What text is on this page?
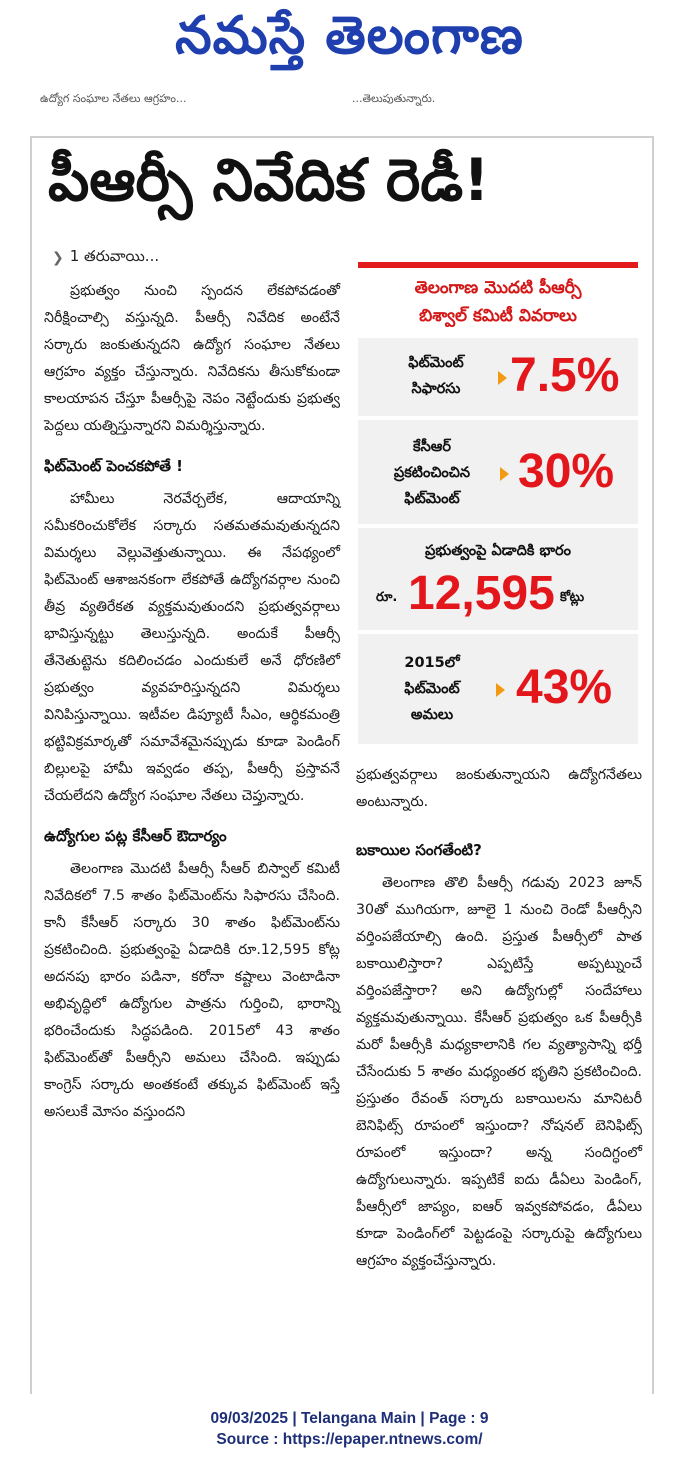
నమస్తే తెలంగాణ
ఉద్యోగ సంఘాల నేతలు ఆగ్రహం...	...తెలుపుతున్నారు.
పీఆర్సీ నివేదిక రెడీ!
❯ 1 తరువాయి...

ప్రభుత్వం నుంచి స్పందన లేకపోవడంతో నిరీక్షించాల్సి వస్తున్నది. పీఆర్సీ నివేదిక అంటేనే సర్కారు జంకుతున్నదని ఉద్యోగ సంఘాల నేతలు ఆగ్రహం వ్యక్తం చేస్తున్నారు. నివేదికను తీసుకోకుండా కాలయాపన చేస్తూ పీఆర్సీపై నెపం నెట్టేందుకు ప్రభుత్వ పెద్దలు యత్నిస్తున్నారని విమర్శిస్తున్నారు.

ఫిట్‌మెంట్ పెంచకపోతే !

హామీలు నెరవేర్చలేక, ఆదాయాన్ని సమీకరించుకోలేక సర్కారు సతమతమవుతున్నదని విమర్శలు వెల్లువెత్తుతున్నాయి. ఈ నేపథ్యంలో ఫిట్‌మెంట్ ఆశాజనకంగా లేకపోతే ఉద్యోగవర్గాల నుంచి తీవ్ర వ్యతిరేకత వ్యక్తమవుతుందని ప్రభుత్వవర్గాలు భావిస్తున్నట్టు తెలుస్తున్నది. అందుకే పీఆర్సీ తేనెతుట్టెను కదిలించడం ఎందుకులే అనే ధోరణిలో ప్రభుత్వం వ్యవహరిస్తున్నదని విమర్శలు వినిపిస్తున్నాయి. ఇటీవల డిప్యూటీ సీఎం, ఆర్థికమంత్రి భట్టివిక్రమార్కతో సమావేశమైనప్పుడు కూడా పెండింగ్ బిల్లులపై హామీ ఇవ్వడం తప్ప, పీఆర్సీ ప్రస్తావనే చేయలేదని ఉద్యోగ సంఘాల నేతలు చెప్తున్నారు.

ఉద్యోగుల పట్ల కేసీఆర్ ఔదార్యం

తెలంగాణ మొదటి పీఆర్సీ సీఆర్ బిస్వాల్ కమిటీ నివేదికలో 7.5 శాతం ఫిట్‌మెంట్‌ను సిఫారసు చేసింది. కానీ కేసీఆర్ సర్కారు 30 శాతం ఫిట్‌మెంట్‌ను ప్రకటించింది. ప్రభుత్వంపై ఏడాదికి రూ.12,595 కోట్ల అదనపు భారం పడినా, కరోనా కష్టాలు వెంటాడినా అభివృద్ధిలో ఉద్యోగుల పాత్రను గుర్తించి, భారాన్ని భరించేందుకు సిద్ధపడింది. 2015లో 43 శాతం ఫిట్‌మెంట్‌తో పీఆర్సీని అమలు చేసింది. ఇప్పుడు కాంగ్రెస్ సర్కారు అంతకంటే తక్కువ ఫిట్‌మెంట్ ఇస్తే అసలుకే మోసం వస్తుందని

తెలంగాణ మొదటి పీఆర్సీ
బిశ్వాల్ కమిటీ వివరాలు
ఫిట్‌మెంట్
సిఫారసు	7.5%
కేసీఆర్
ప్రకటించించిన
ఫిట్‌మెంట్
30%
ప్రభుత్వంపై ఏడాదికి భారం
రూ. 12,595 కోట్లు
2015లో
ఫిట్‌మెంట్
అమలు
43%

ప్రభుత్వవర్గాలు జంకుతున్నాయని ఉద్యోగనేతలు అంటున్నారు.

బకాయిల సంగతేంటి?

తెలంగాణ తొలి పీఆర్సీ గడువు 2023 జూన్ 30తో ముగియగా, జూలై 1 నుంచి రెండో పీఆర్సీని వర్తింపజేయాల్సి ఉంది. ప్రస్తుత పీఆర్సీలో పాత బకాయిలిస్తారా? ఎప్పటిస్తే అప్పట్నుంచే వర్తింపజేస్తారా? అని ఉద్యోగుల్లో సందేహాలు వ్యక్తమవుతున్నాయి. కేసీఆర్ ప్రభుత్వం ఒక పీఆర్సీకి మరో పీఆర్సీకి మధ్యకాలానికి గల వ్యత్యాసాన్ని భర్తీ చేసేందుకు 5 శాతం మధ్యంతర భృతిని ప్రకటించింది. ప్రస్తుతం రేవంత్ సర్కారు బకాయిలను మానిటరీ బెనిఫిట్స్ రూపంలో ఇస్తుందా? నోషనల్ బెనిఫిట్స్ రూపంలో ఇస్తుందా? అన్న సందిగ్ధంలో ఉద్యోగులున్నారు. ఇప్పటికే ఐదు డీఏలు పెండింగ్, పీఆర్సీలో జాప్యం, ఐఆర్ ఇవ్వకపోవడం, డీఏలు కూడా పెండింగ్‌లో పెట్టడంపై సర్కారుపై ఉద్యోగులు ఆగ్రహం వ్యక్తంచేస్తున్నారు.

09/03/2025 | Telangana Main | Page : 9
Source : https://epaper.ntnews.com/
